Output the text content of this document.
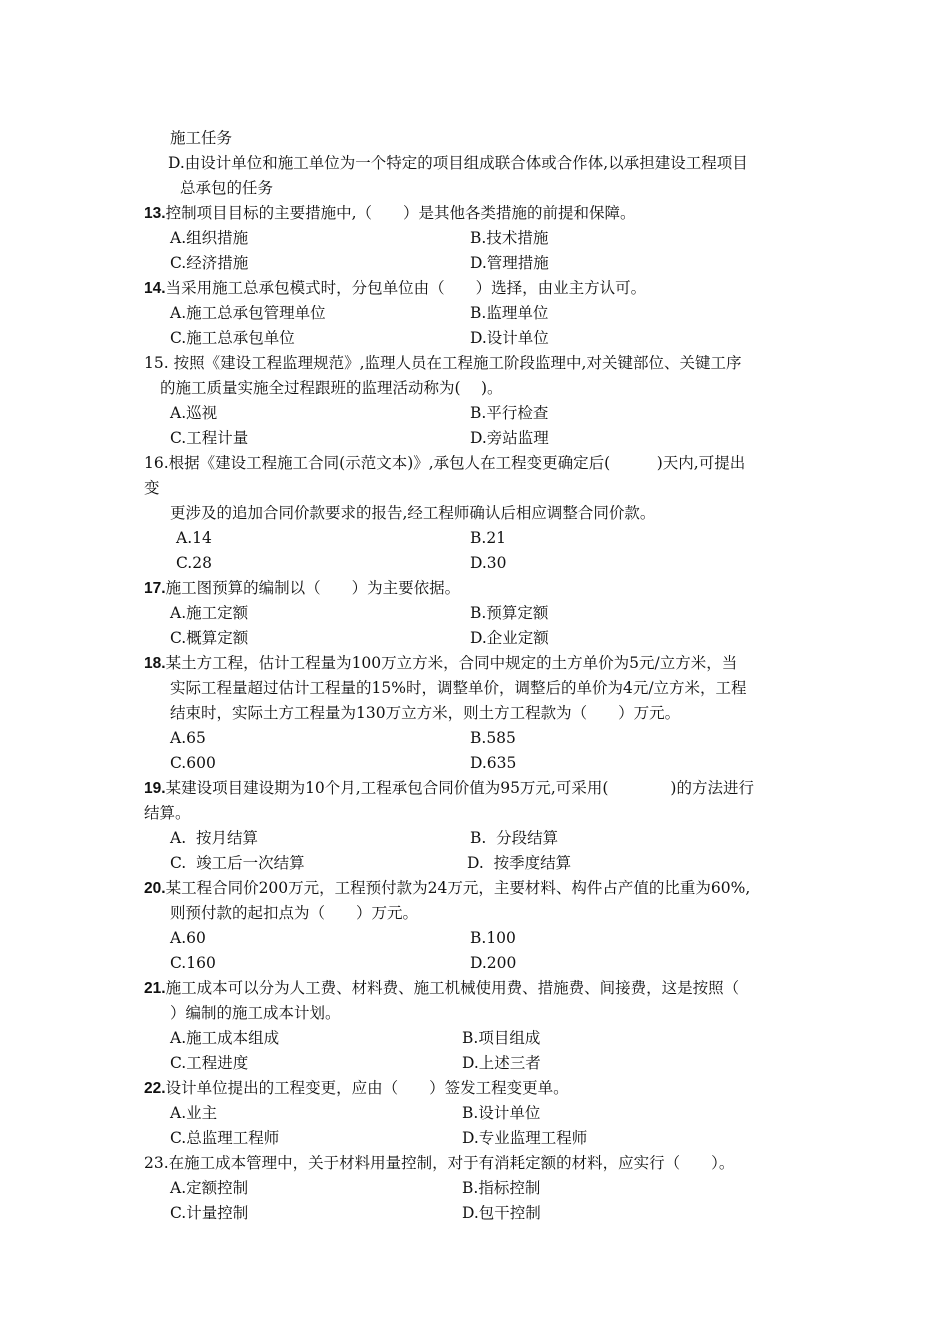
施工任务
D.由设计单位和施工单位为一个特定的项目组成联合体或合作体,以承担建设工程项目
总承包的任务
13.控制项目目标的主要措施中,（　　）是其他各类措施的前提和保障。
A.组织措施	B.技术措施
C.经济措施	D.管理措施
14.当采用施工总承包模式时，分包单位由（　　）选择，由业主方认可。
A.施工总承包管理单位	B.监理单位
C.施工总承包单位	D.设计单位
15. 按照《建设工程监理规范》,监理人员在工程施工阶段监理中,对关键部位、关键工序
的施工质量实施全过程跟班的监理活动称为(　 )。
A.巡视	B.平行检查
C.工程计量	D.旁站监理
16.根据《建设工程施工合同(示范文本)》,承包人在工程变更确定后(　　　)天内,可提出
变
更涉及的追加合同价款要求的报告,经工程师确认后相应调整合同价款。
A.14	B.21
C.28	D.30
17.施工图预算的编制以（　　）为主要依据。
A.施工定额	B.预算定额
C.概算定额	D.企业定额
18.某土方工程，估计工程量为100万立方米，合同中规定的土方单价为5元/立方米，当
实际工程量超过估计工程量的15%时，调整单价，调整后的单价为4元/立方米，工程
结束时，实际土方工程量为130万立方米，则土方工程款为（　　）万元。
A.65	B.585
C.600	D.635
19.某建设项目建设期为10个月,工程承包合同价值为95万元,可采用(　　　　)的方法进行
结算。
A.  按月结算	B.  分段结算
C.  竣工后一次结算	D.  按季度结算
20.某工程合同价200万元，工程预付款为24万元，主要材料、构件占产值的比重为60%,
则预付款的起扣点为（　　）万元。
A.60	B.100
C.160	D.200
21.施工成本可以分为人工费、材料费、施工机械使用费、措施费、间接费，这是按照（
）编制的施工成本计划。
A.施工成本组成	B.项目组成
C.工程进度	D.上述三者
22.设计单位提出的工程变更，应由（　　）签发工程变更单。
A.业主	B.设计单位
C.总监理工程师	D.专业监理工程师
23.在施工成本管理中，关于材料用量控制，对于有消耗定额的材料，应实行（　　）。
A.定额控制	B.指标控制
C.计量控制	D.包干控制
